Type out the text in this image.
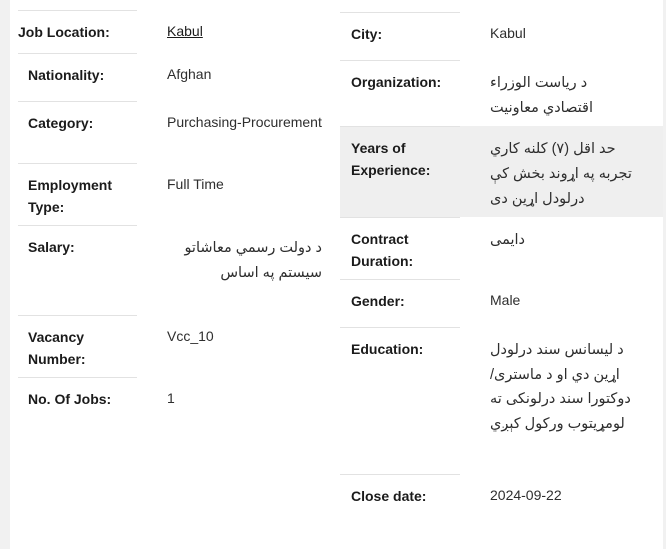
Job Location:	Kabul
Nationality:	Afghan
Category:	Purchasing-Procurement
Employment Type:
Full Time
Salary:	د دولت رسمي معاشاتو سيستم په اساس
Vacancy Number:
Vcc_10
No. Of Jobs:	1
City:	Kabul
Organization:	د رياست الوزراء اقتصادي معاونيت
Years of Experience:
حد اقل (۷) کلنه کاري تجربه په اړوند بخش کې درلودل اړين دی
Contract Duration:
دايمی
Gender:	Male
Education:	د ليسانس سند درلودل اړين دي او د ماستری/دوکتورا سند درلونکی ته لومړيتوب ورکول کېږي
Close date:	2024-09-22
